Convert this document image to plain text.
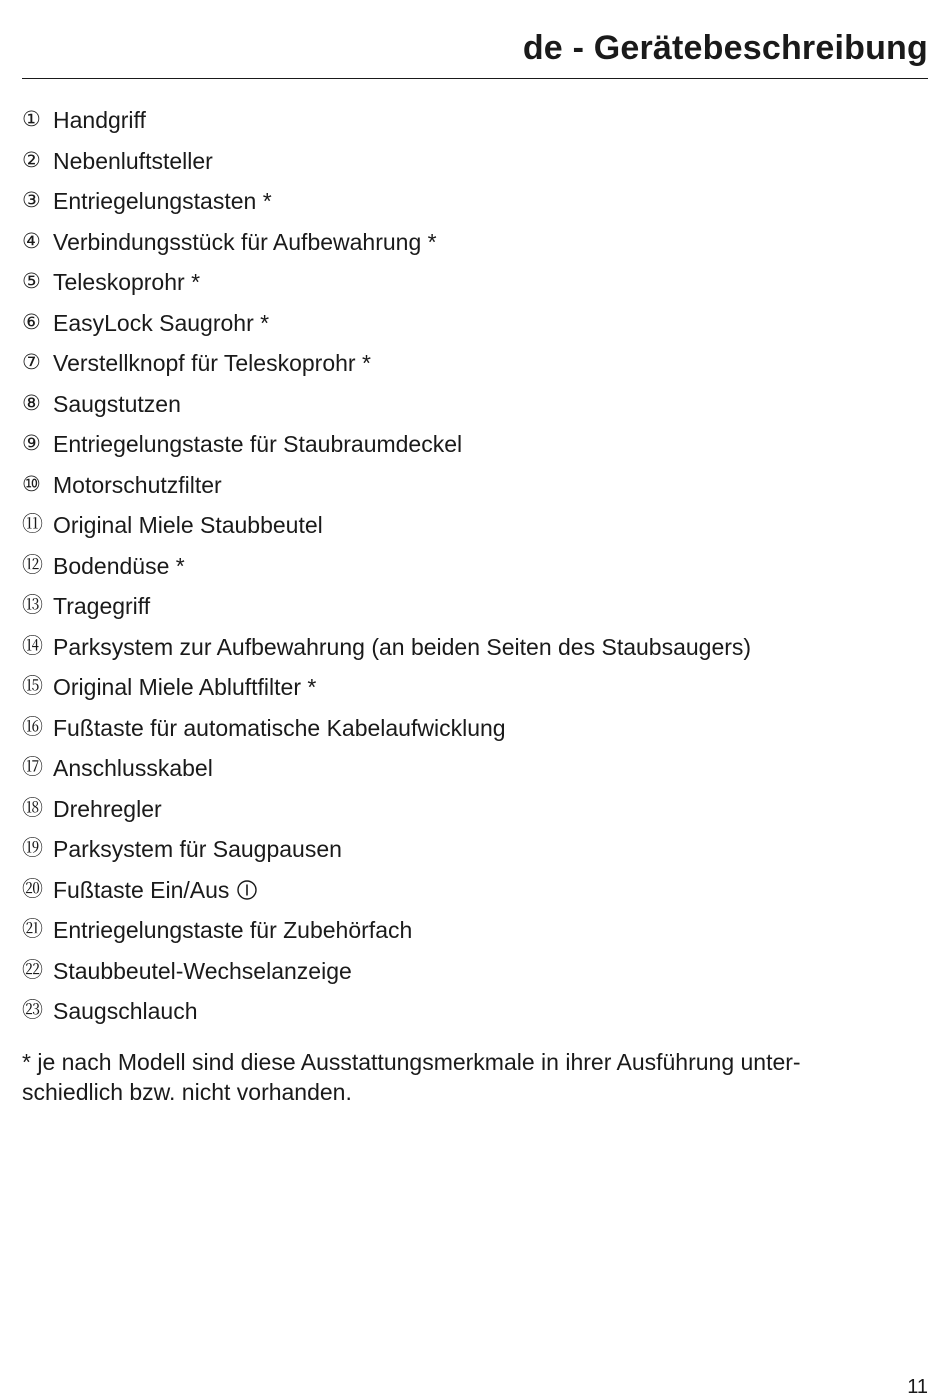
de - Gerätebeschreibung
① Handgriff
② Nebenluftsteller
③ Entriegelungstasten *
④ Verbindungsstück für Aufbewahrung *
⑤ Teleskoprohr *
⑥ EasyLock Saugrohr *
⑦ Verstellknopf für Teleskoprohr *
⑧ Saugstutzen
⑨ Entriegelungstaste für Staubraumdeckel
⑩ Motorschutzfilter
⑪ Original Miele Staubbeutel
⑫ Bodendüse *
⑬ Tragegriff
⑭ Parksystem zur Aufbewahrung (an beiden Seiten des Staubsaugers)
⑮ Original Miele Abluftfilter *
⑯ Fußtaste für automatische Kabelaufwicklung
⑰ Anschlusskabel
⑱ Drehregler
⑲ Parksystem für Saugpausen
⑳ Fußtaste Ein/Aus
㉑ Entriegelungstaste für Zubehörfach
㉒ Staubbeutel-Wechselanzeige
㉓ Saugschlauch

* je nach Modell sind diese Ausstattungsmerkmale in ihrer Ausführung unter-
schiedlich bzw. nicht vorhanden.

11
